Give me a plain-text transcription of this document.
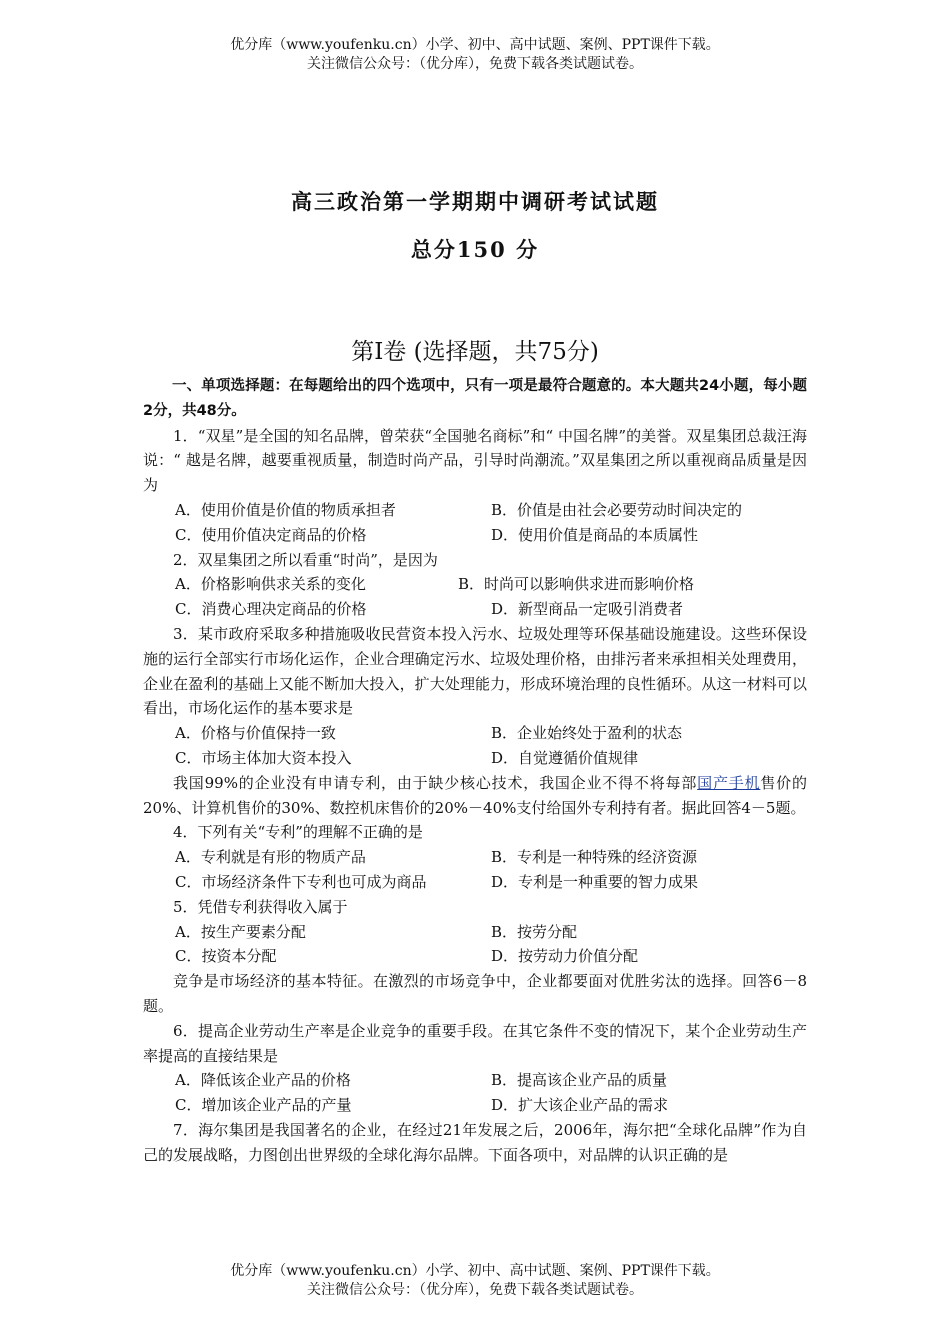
优分库（www.youfenku.cn）小学、初中、高中试题、案例、PPT课件下载。
关注微信公众号：（优分库），免费下载各类试题试卷。
高三政治第一学期期中调研考试试题
总分150 分
第Ⅰ卷 (选择题，共75分)

一、单项选择题：在每题给出的四个选项中，只有一项是最符合题意的。本大题共24小题，每小题2分，共48分。

1．“双星”是全国的知名品牌，曾荣获“全国驰名商标”和“ 中国名牌”的美誉。双星集团总裁汪海说：“ 越是名牌，越要重视质量，制造时尚产品，引导时尚潮流。”双星集团之所以重视商品质量是因为

A．使用价值是价值的物质承担者	B．价值是由社会必要劳动时间决定的
C．使用价值决定商品的价格	D．使用价值是商品的本质属性

2．双星集团之所以看重“时尚”，是因为

A．价格影响供求关系的变化	B．时尚可以影响供求进而影响价格
C．消费心理决定商品的价格	D．新型商品一定吸引消费者

3．某市政府采取多种措施吸收民营资本投入污水、垃圾处理等环保基础设施建设。这些环保设施的运行全部实行市场化运作，企业合理确定污水、垃圾处理价格，由排污者来承担相关处理费用，企业在盈利的基础上又能不断加大投入，扩大处理能力，形成环境治理的良性循环。从这一材料可以看出，市场化运作的基本要求是

A．价格与价值保持一致	B．企业始终处于盈利的状态
C．市场主体加大资本投入	D．自觉遵循价值规律

我国99%的企业没有申请专利，由于缺少核心技术，我国企业不得不将每部国产手机售价的20%、计算机售价的30%、数控机床售价的20%－40%支付给国外专利持有者。据此回答4－5题。

4．下列有关“专利”的理解不正确的是

A．专利就是有形的物质产品	B．专利是一种特殊的经济资源
C．市场经济条件下专利也可成为商品	D．专利是一种重要的智力成果

5．凭借专利获得收入属于

A．按生产要素分配	B．按劳分配
C．按资本分配	D．按劳动力价值分配

竞争是市场经济的基本特征。在激烈的市场竞争中，企业都要面对优胜劣汰的选择。回答6－8题。

6．提高企业劳动生产率是企业竞争的重要手段。在其它条件不变的情况下，某个企业劳动生产率提高的直接结果是

A．降低该企业产品的价格	B．提高该企业产品的质量
C．增加该企业产品的产量	D．扩大该企业产品的需求

7．海尔集团是我国著名的企业，在经过21年发展之后，2006年，海尔把“全球化品牌”作为自己的发展战略，力图创出世界级的全球化海尔品牌。下面各项中，对品牌的认识正确的是

优分库（www.youfenku.cn）小学、初中、高中试题、案例、PPT课件下载。
关注微信公众号：（优分库），免费下载各类试题试卷。
